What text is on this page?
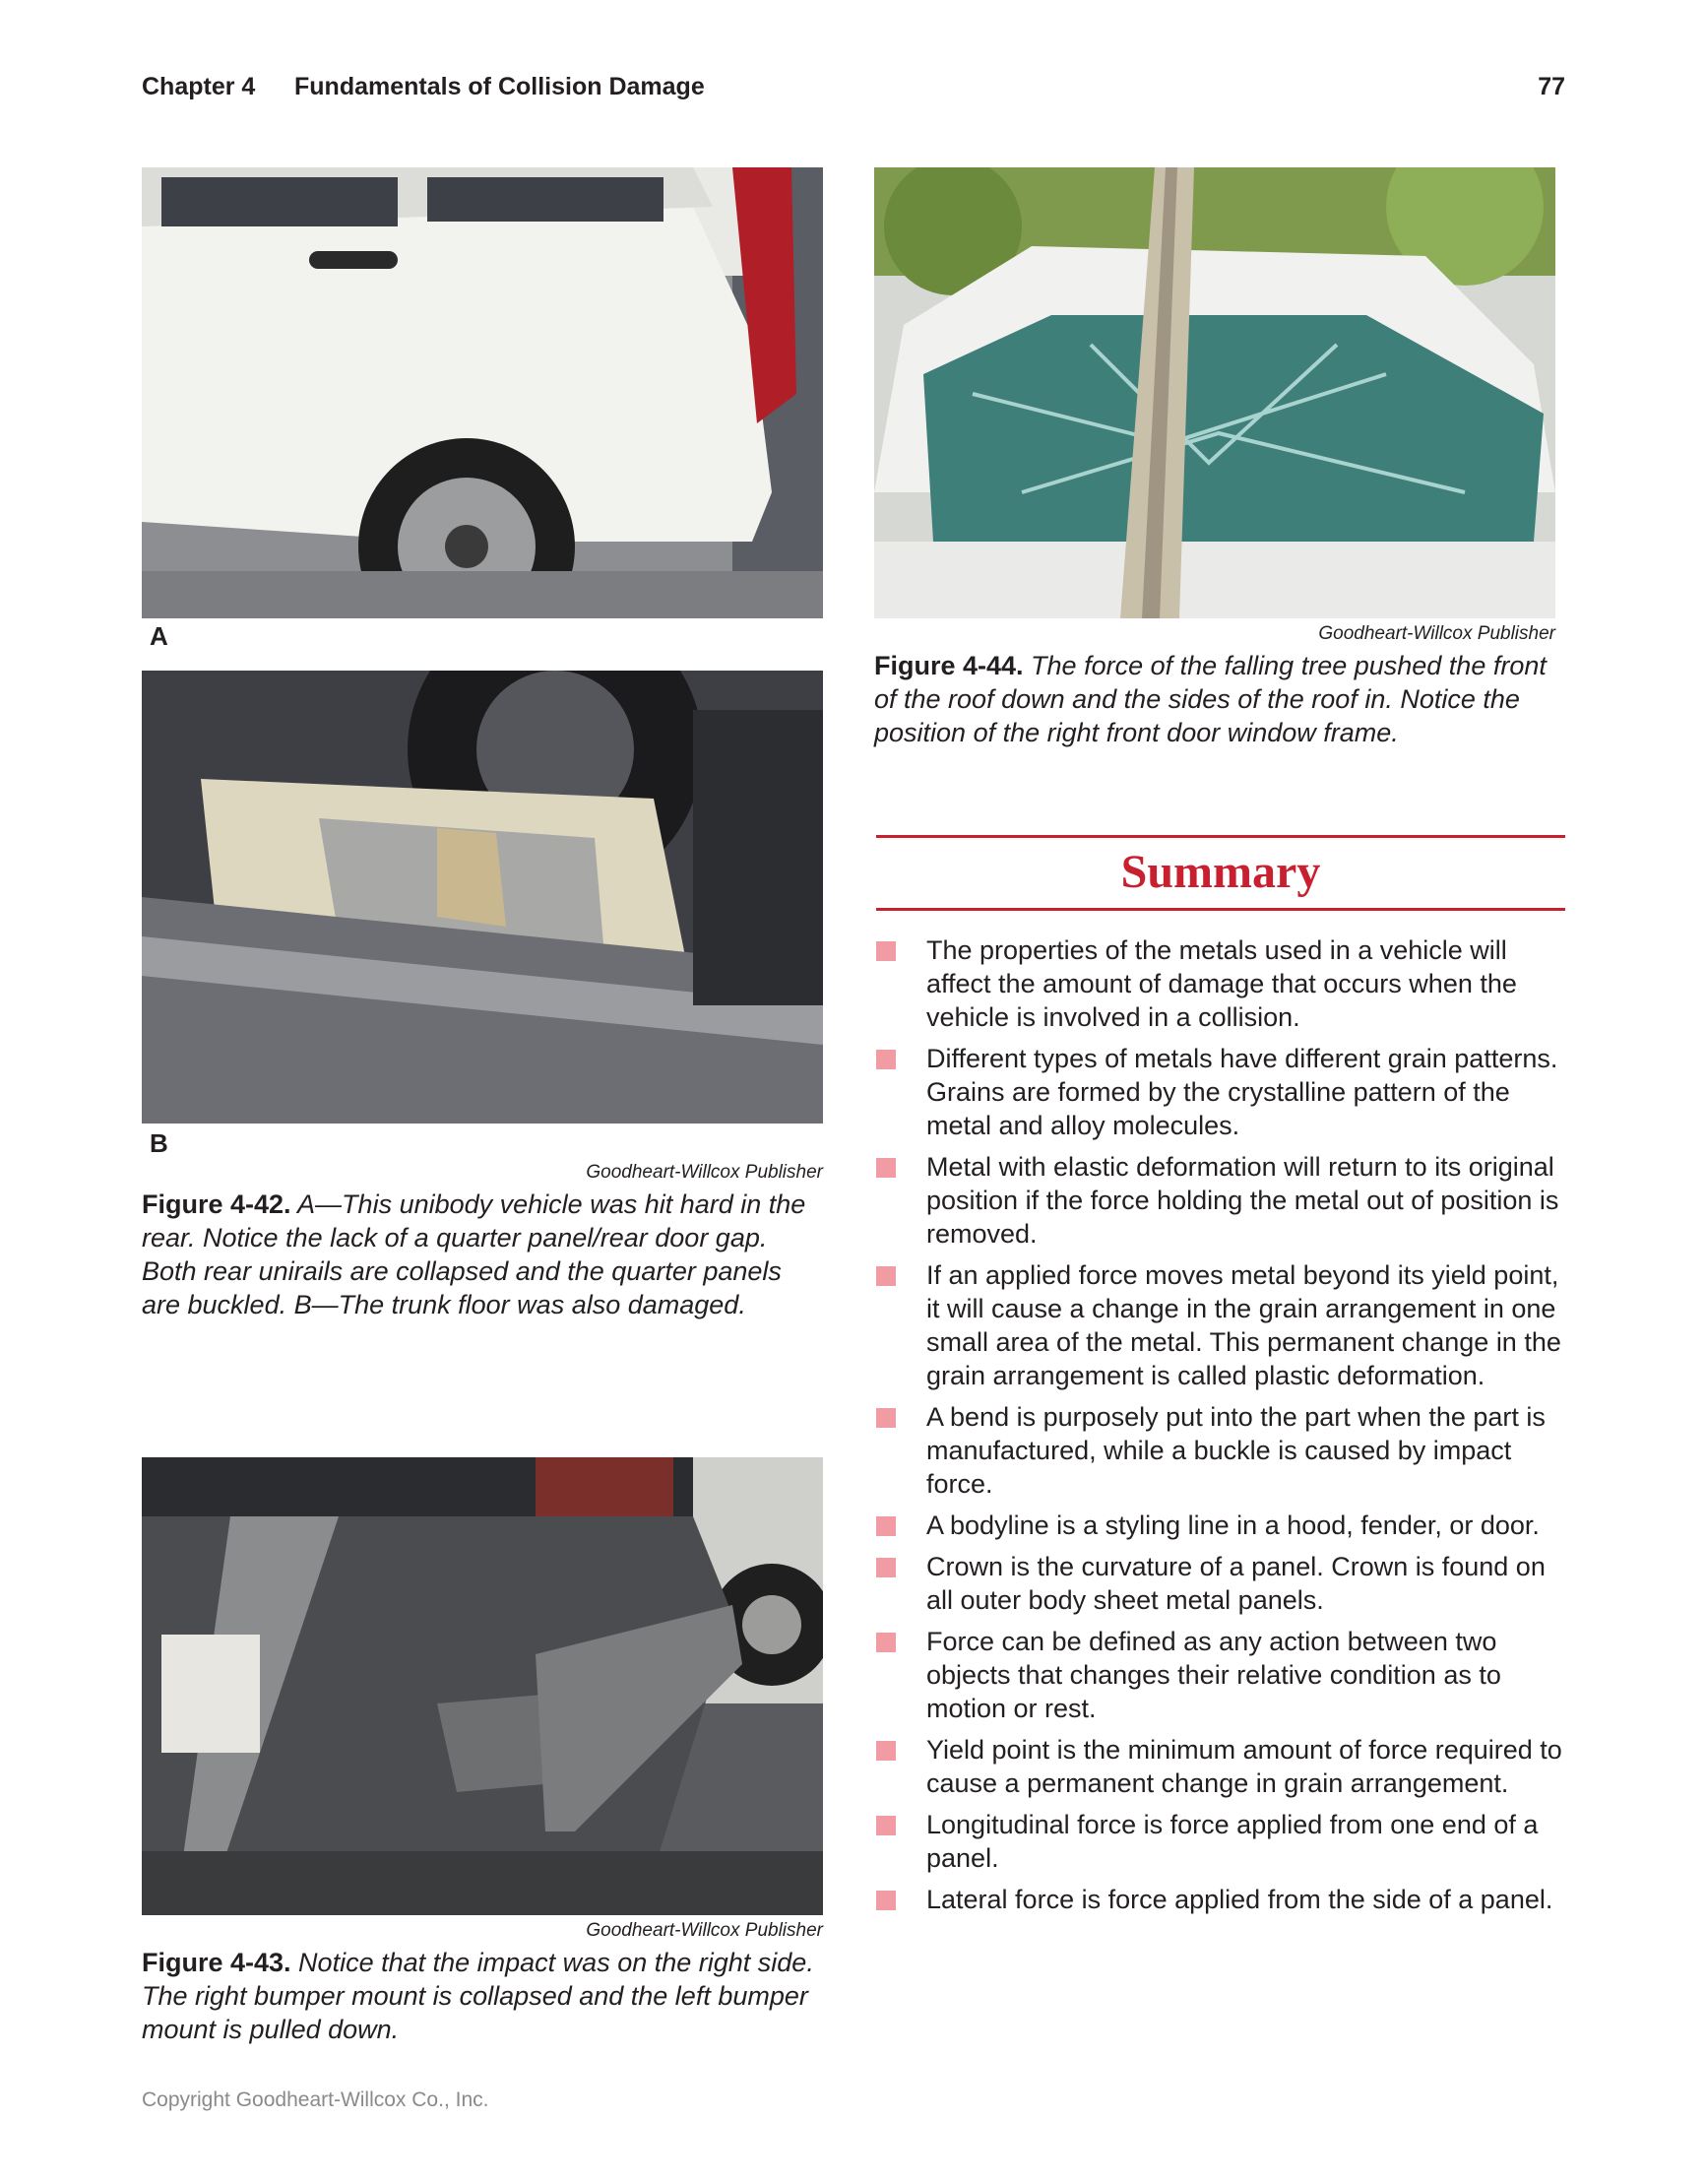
Chapter 4 Fundamentals of Collision Damage	77
A
B
Goodheart-Willcox Publisher
Figure 4-42. A—This unibody vehicle was hit hard in the rear. Notice the lack of a quarter panel/rear door gap. Both rear unirails are collapsed and the quarter panels are buckled. B—The trunk floor was also damaged.
Goodheart-Willcox Publisher
Figure 4-43. Notice that the impact was on the right side. The right bumper mount is collapsed and the left bumper mount is pulled down.
Goodheart-Willcox Publisher
Figure 4-44. The force of the falling tree pushed the front of the roof down and the sides of the roof in. Notice the position of the right front door window frame.
Summary
The properties of the metals used in a vehicle will affect the amount of damage that occurs when the vehicle is involved in a collision.
Different types of metals have different grain patterns. Grains are formed by the crystalline pattern of the metal and alloy molecules.
Metal with elastic deformation will return to its original position if the force holding the metal out of position is removed.
If an applied force moves metal beyond its yield point, it will cause a change in the grain arrangement in one small area of the metal. This permanent change in the grain arrangement is called plastic deformation.
A bend is purposely put into the part when the part is manufactured, while a buckle is caused by impact force.
A bodyline is a styling line in a hood, fender, or door.
Crown is the curvature of a panel. Crown is found on all outer body sheet metal panels.
Force can be defined as any action between two objects that changes their relative condition as to motion or rest.
Yield point is the minimum amount of force required to cause a permanent change in grain arrangement.
Longitudinal force is force applied from one end of a panel.
Lateral force is force applied from the side of a panel.
Copyright Goodheart-Willcox Co., Inc.
